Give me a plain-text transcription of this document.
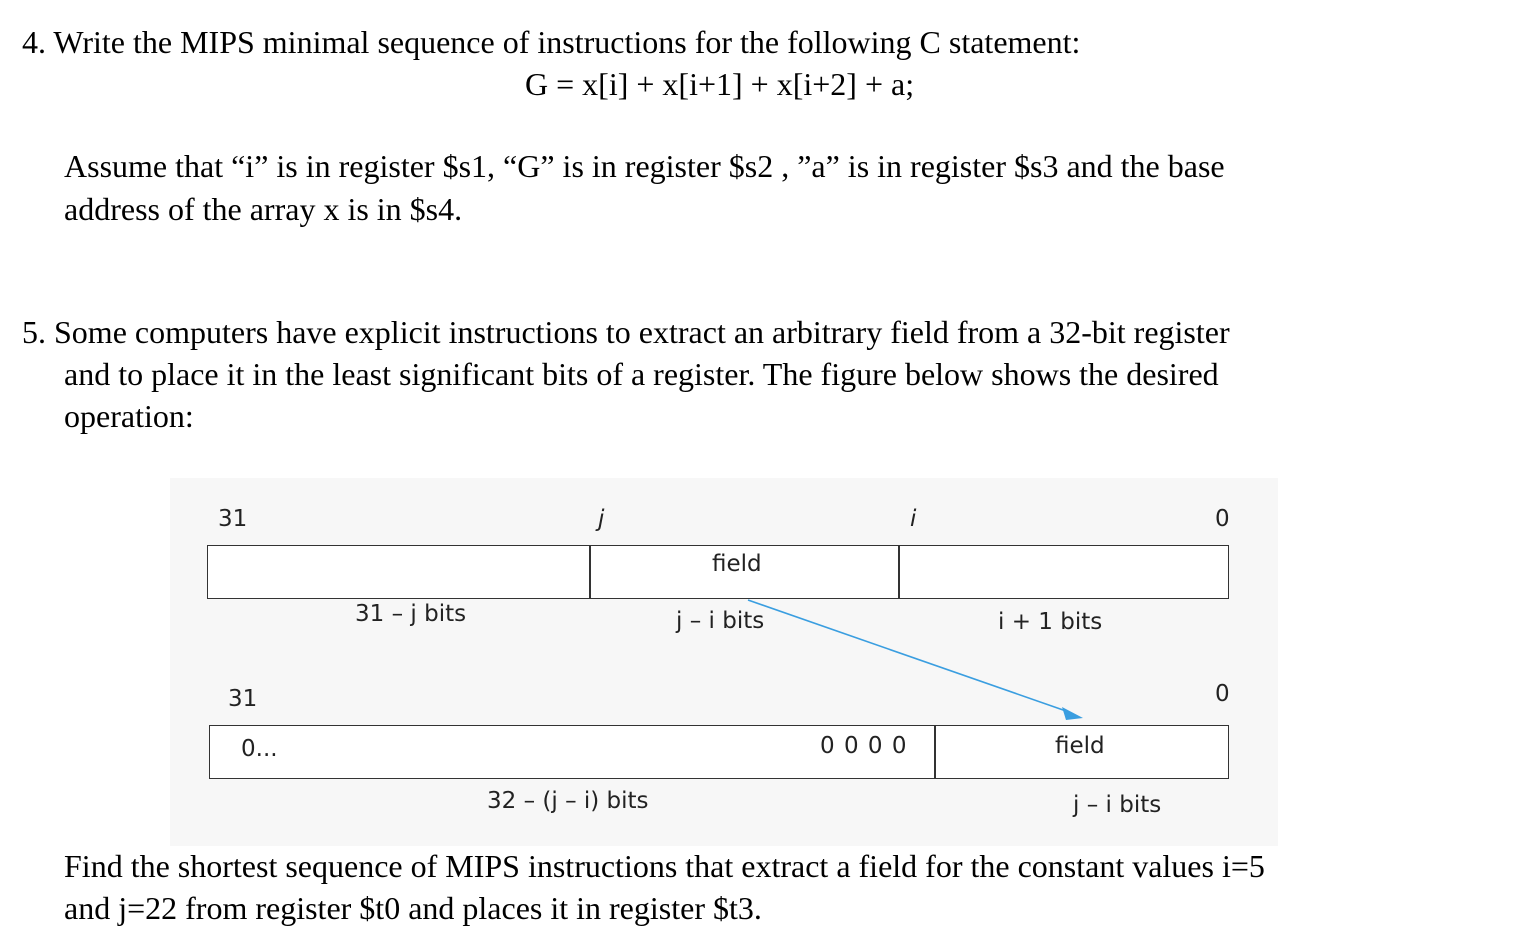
4. Write the MIPS minimal sequence of instructions for the following C statement:
G = x[i] + x[i+1] + x[i+2] + a;
Assume that “i” is in register $s1, “G” is in register $s2 , ”a” is in register $s3 and the base
address of the array x is in $s4.
5. Some computers have explicit instructions to extract an arbitrary field from a 32-bit register
and to place it in the least significant bits of a register. The figure below shows the desired
operation:
31	j	i	0
field
31 – j bits	j – i bits	i + 1 bits
31	0
0...	0 0 0 0	field
32 – (j – i) bits	j – i bits
Find the shortest sequence of MIPS instructions that extract a field for the constant values i=5
and j=22 from register $t0 and places it in register $t3.
